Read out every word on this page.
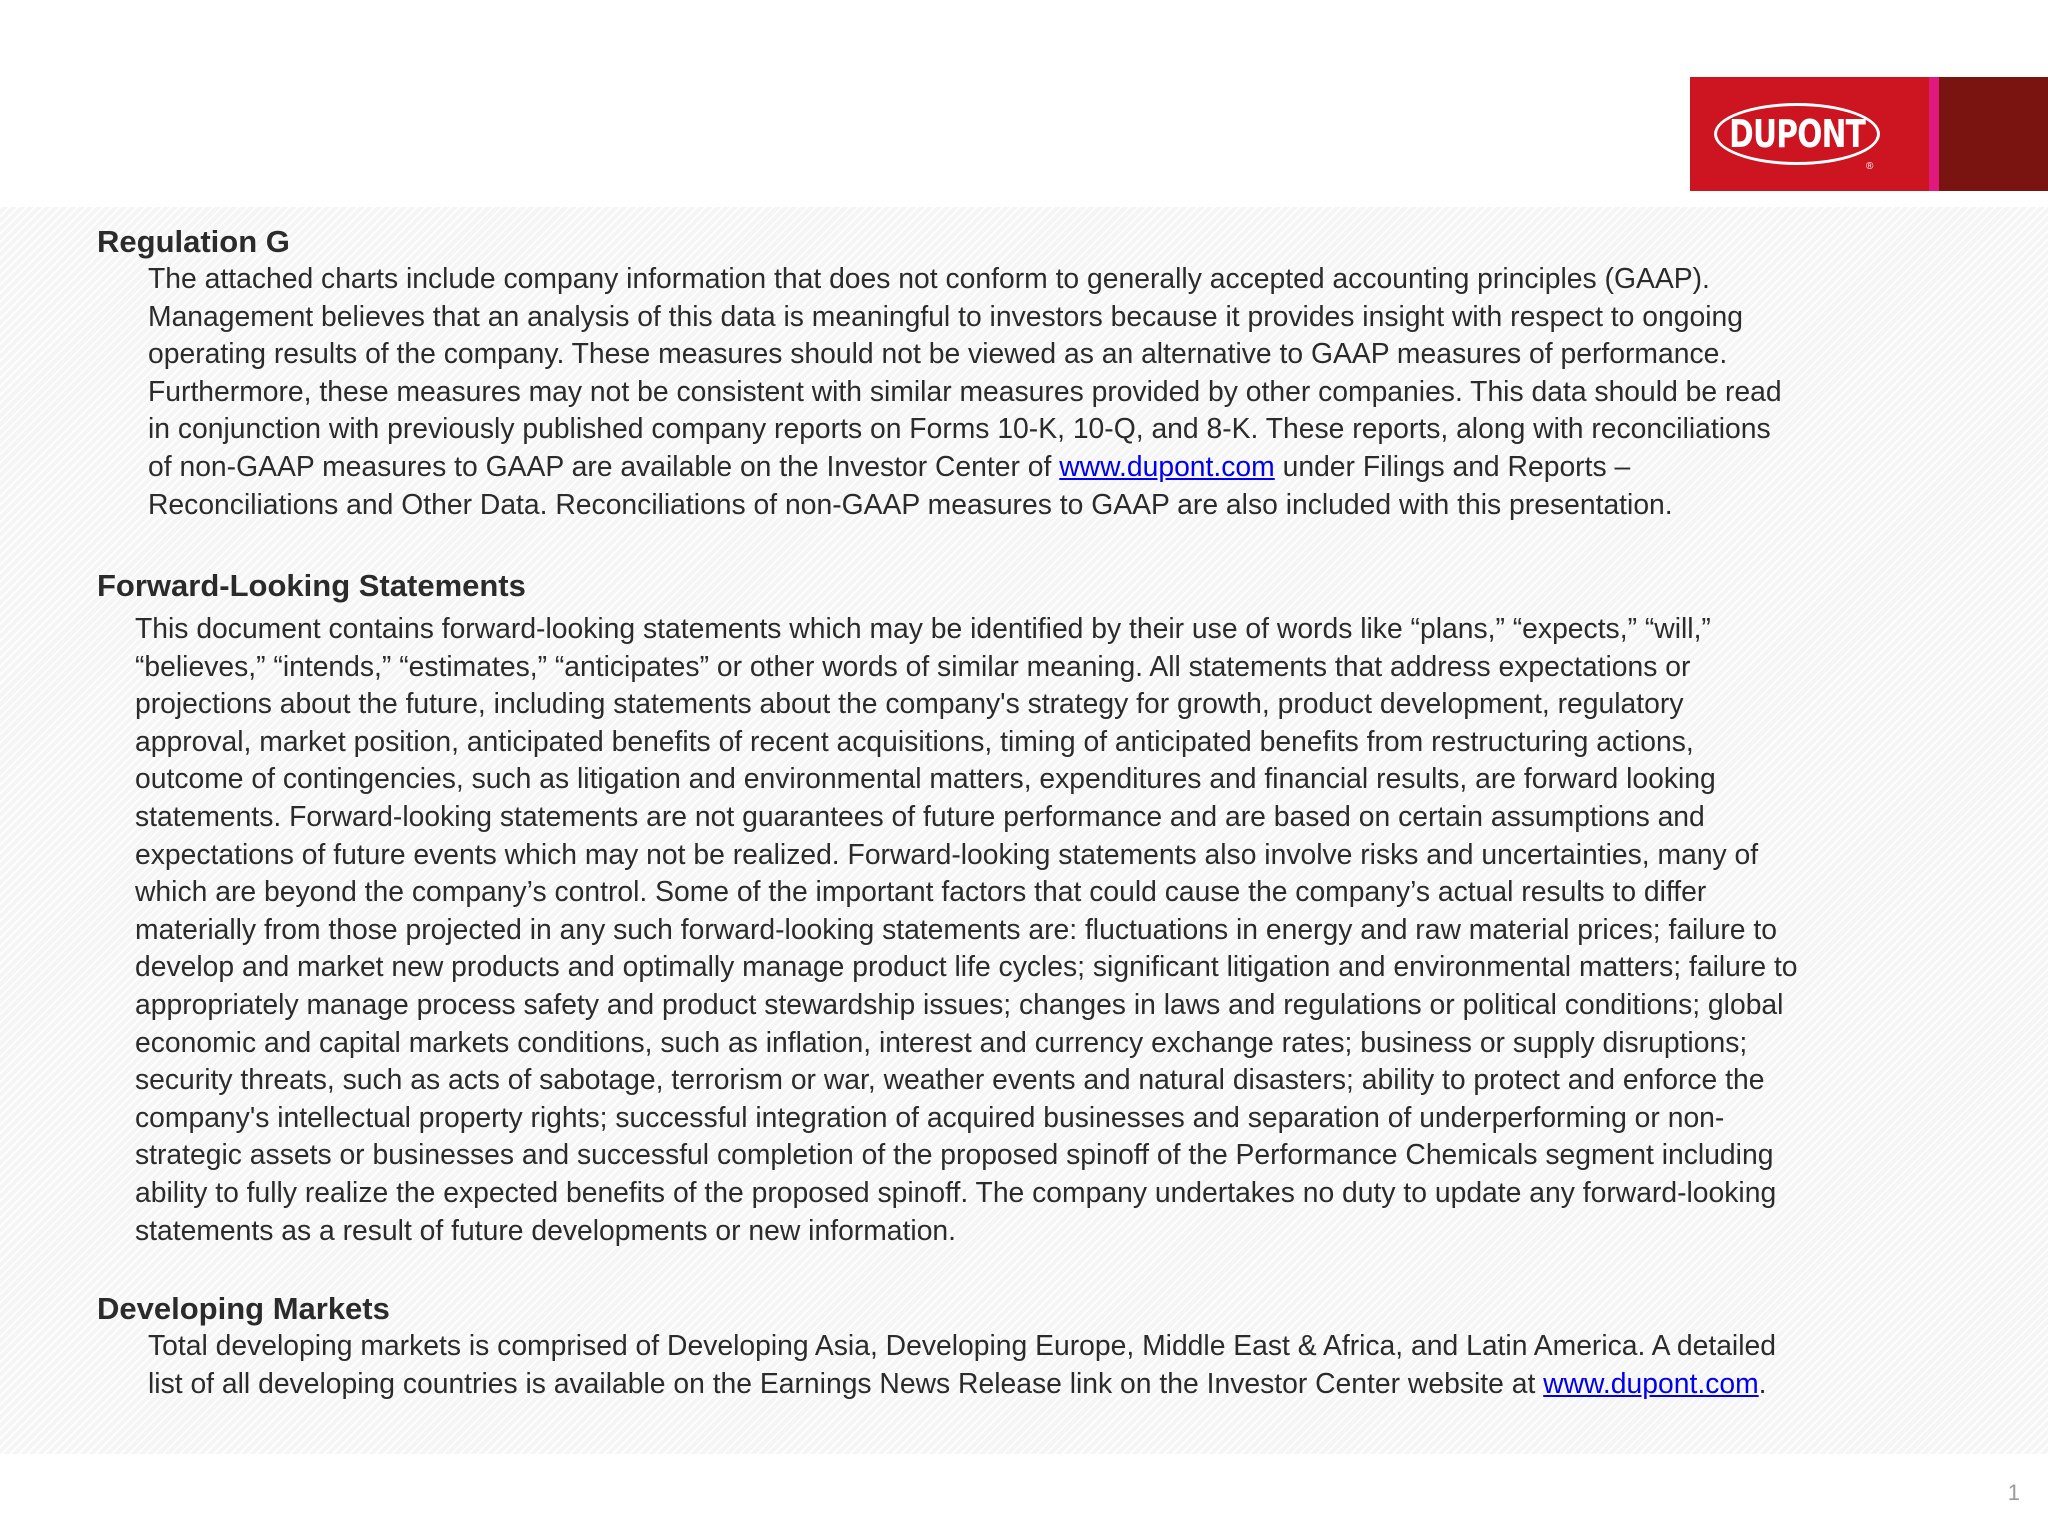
DUPONT
®
Regulation G
The attached charts include company information that does not conform to generally accepted accounting principles (GAAP).
Management believes that an analysis of this data is meaningful to investors because it provides insight with respect to ongoing
operating results of the company. These measures should not be viewed as an alternative to GAAP measures of performance.
Furthermore, these measures may not be consistent with similar measures provided by other companies. This data should be read
in conjunction with previously published company reports on Forms 10-K, 10-Q, and 8-K. These reports, along with reconciliations
of non-GAAP measures to GAAP are available on the Investor Center of www.dupont.com under Filings and Reports –
Reconciliations and Other Data. Reconciliations of non-GAAP measures to GAAP are also included with this presentation.
Forward-Looking Statements
This document contains forward-looking statements which may be identified by their use of words like “plans,” “expects,” “will,”
“believes,” “intends,” “estimates,” “anticipates” or other words of similar meaning. All statements that address expectations or
projections about the future, including statements about the company's strategy for growth, product development, regulatory
approval, market position, anticipated benefits of recent acquisitions, timing of anticipated benefits from restructuring actions,
outcome of contingencies, such as litigation and environmental matters, expenditures and financial results, are forward looking
statements. Forward-looking statements are not guarantees of future performance and are based on certain assumptions and
expectations of future events which may not be realized. Forward-looking statements also involve risks and uncertainties, many of
which are beyond the company’s control. Some of the important factors that could cause the company’s actual results to differ
materially from those projected in any such forward-looking statements are: fluctuations in energy and raw material prices; failure to
develop and market new products and optimally manage product life cycles; significant litigation and environmental matters; failure to
appropriately manage process safety and product stewardship issues; changes in laws and regulations or political conditions; global
economic and capital markets conditions, such as inflation, interest and currency exchange rates; business or supply disruptions;
security threats, such as acts of sabotage, terrorism or war, weather events and natural disasters; ability to protect and enforce the
company's intellectual property rights; successful integration of acquired businesses and separation of underperforming or non-
strategic assets or businesses and successful completion of the proposed spinoff of the Performance Chemicals segment including
ability to fully realize the expected benefits of the proposed spinoff. The company undertakes no duty to update any forward-looking
statements as a result of future developments or new information.
Developing Markets
Total developing markets is comprised of Developing Asia, Developing Europe, Middle East & Africa, and Latin America. A detailed
list of all developing countries is available on the Earnings News Release link on the Investor Center website at www.dupont.com.
1
